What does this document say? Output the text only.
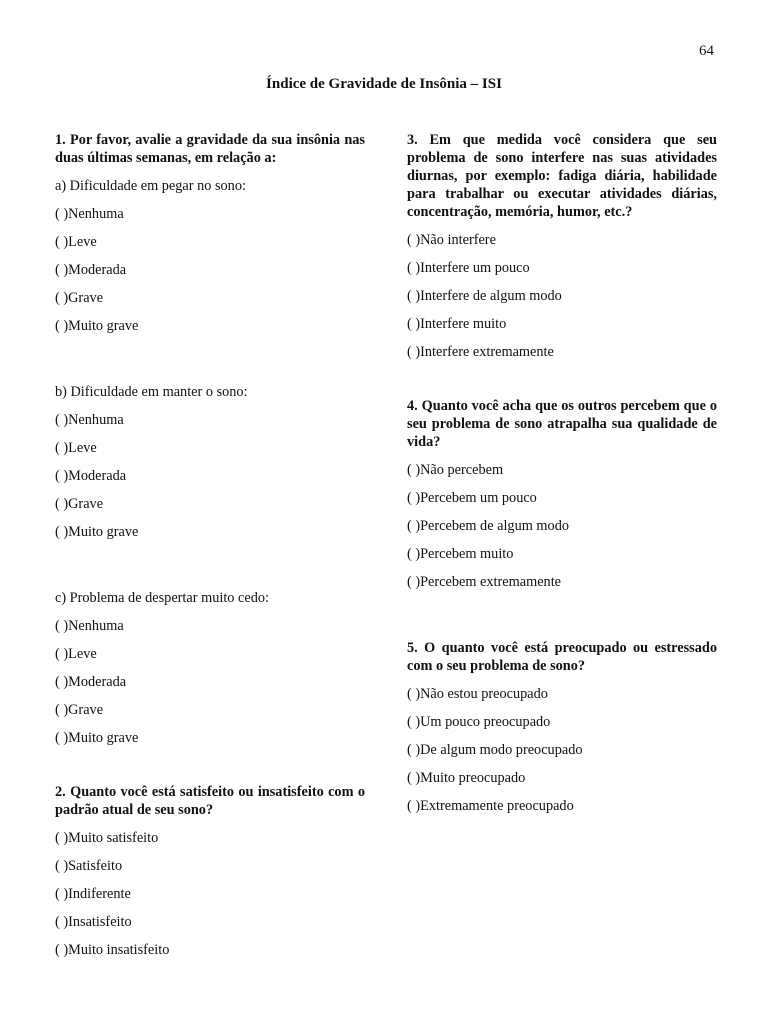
64
Índice de Gravidade de Insônia – ISI

1. Por favor, avalie a gravidade da sua insônia nas duas últimas semanas, em relação a:

a) Dificuldade em pegar no sono:

( ) Nenhuma
( ) Leve
( ) Moderada
( ) Grave
( ) Muito grave

b) Dificuldade em manter o sono:

( ) Nenhuma
( ) Leve
( ) Moderada
( ) Grave
( ) Muito grave

c) Problema de despertar muito cedo:

( ) Nenhuma
( ) Leve
( ) Moderada
( ) Grave
( ) Muito grave

2. Quanto você está satisfeito ou insatisfeito com o padrão atual de seu sono?

( ) Muito satisfeito
( ) Satisfeito
( ) Indiferente
( ) Insatisfeito
( ) Muito insatisfeito

3. Em que medida você considera que seu problema de sono interfere nas suas atividades diurnas, por exemplo: fadiga diária, habilidade para trabalhar ou executar atividades diárias, concentração, memória, humor, etc.?

( ) Não interfere
( ) Interfere um pouco
( ) Interfere de algum modo
( ) Interfere muito
( ) Interfere extremamente

4. Quanto você acha que os outros percebem que o seu problema de sono atrapalha sua qualidade de vida?

( ) Não percebem
( ) Percebem um pouco
( ) Percebem de algum modo
( ) Percebem muito
( ) Percebem extremamente

5. O quanto você está preocupado ou estressado com o seu problema de sono?

( ) Não estou preocupado
( ) Um pouco preocupado
( ) De algum modo preocupado
( ) Muito preocupado
( ) Extremamente preocupado
